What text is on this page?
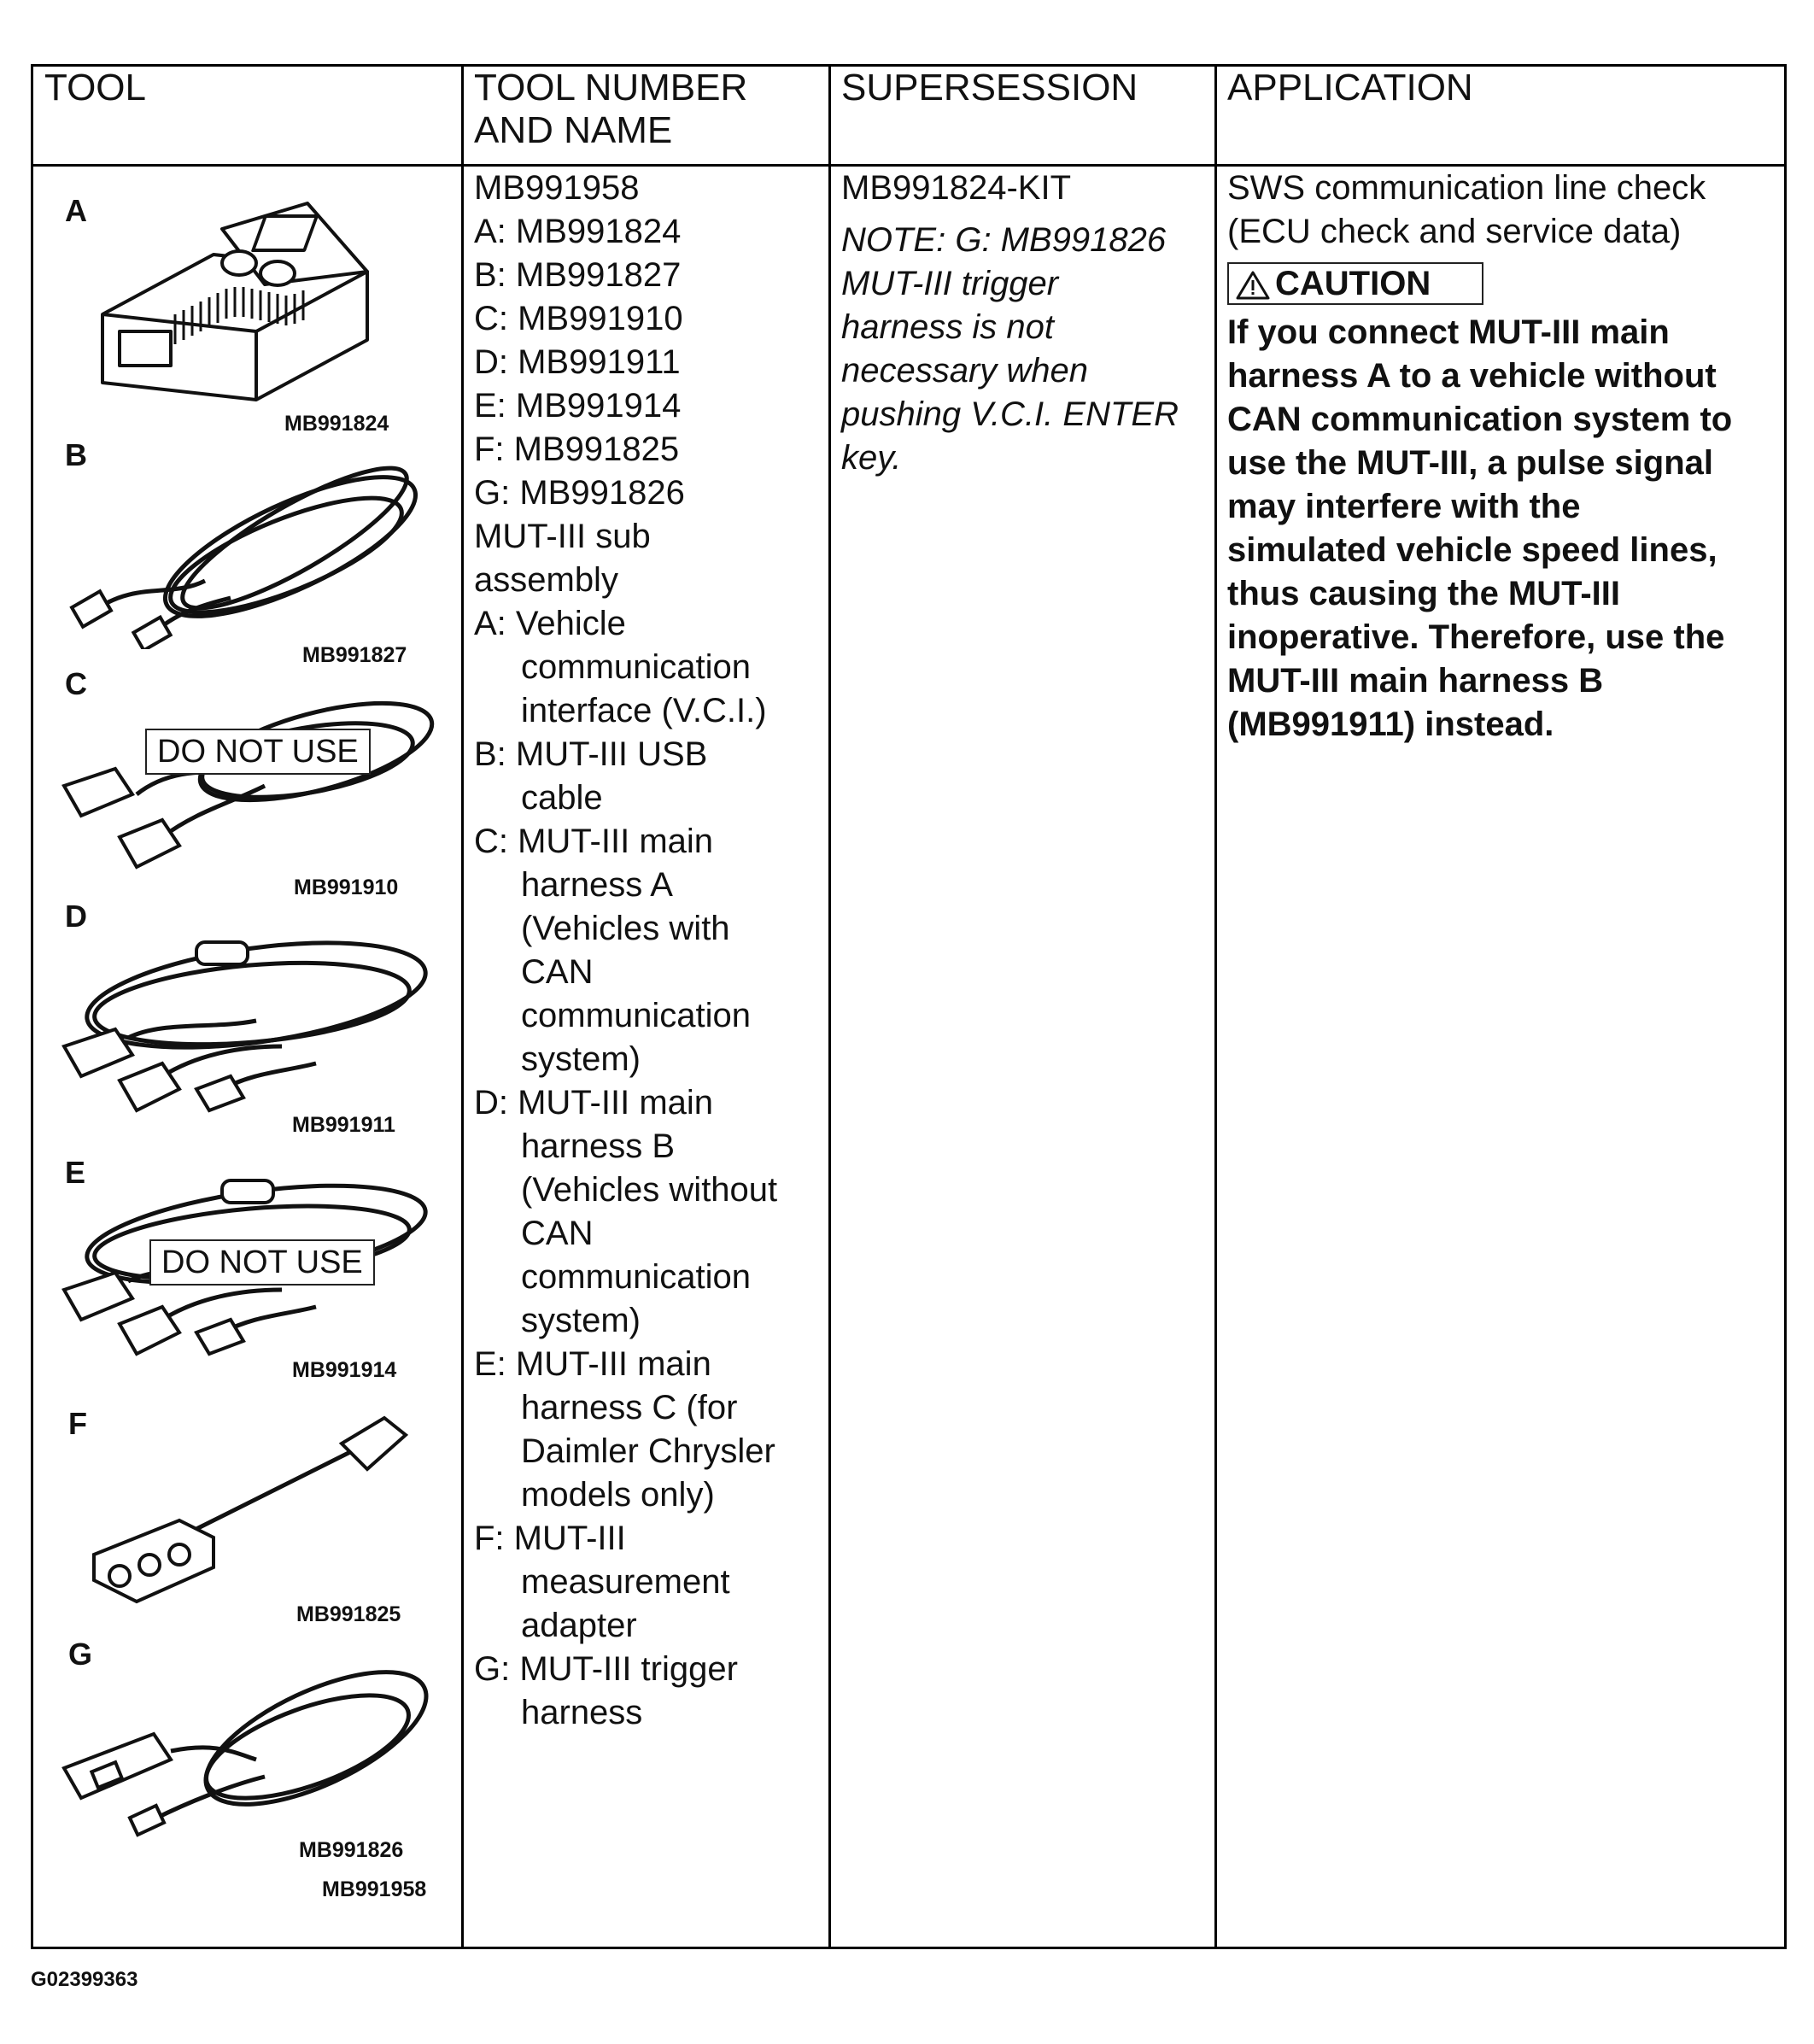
TOOL	TOOL NUMBER
AND NAME
SUPERSESSION APPLICATION
A
B
C
D
E
F
G
MB991824
MB991827
MB991910
MB991911
MB991914
MB991825
MB991826
MB991958
DO NOT USE
DO NOT USE
MB991958
A: MB991824
B: MB991827
C: MB991910
D: MB991911
E: MB991914
F: MB991825
G: MB991826
MUT-III sub
assembly
A: Vehicle
communication
interface (V.C.I.)
B: MUT-III USB
cable
C: MUT-III main
harness A
(Vehicles with
CAN
communication
system)
D: MUT-III main
harness B
(Vehicles without
CAN
communication
system)
E: MUT-III main
harness C (for
Daimler Chrysler
models only)
F: MUT-III
measurement
adapter
G: MUT-III trigger
harness
MB991824-KIT
NOTE: G: MB991826
MUT-III trigger
harness is not
necessary when
pushing V.C.I. ENTER
key.
SWS communication line check
(ECU check and service data)
CAUTION
If you connect MUT-III main
harness A to a vehicle without
CAN communication system to
use the MUT-III, a pulse signal
may interfere with the
simulated vehicle speed lines,
thus causing the MUT-III
inoperative. Therefore, use the
MUT-III main harness B
(MB991911) instead.
G02399363
